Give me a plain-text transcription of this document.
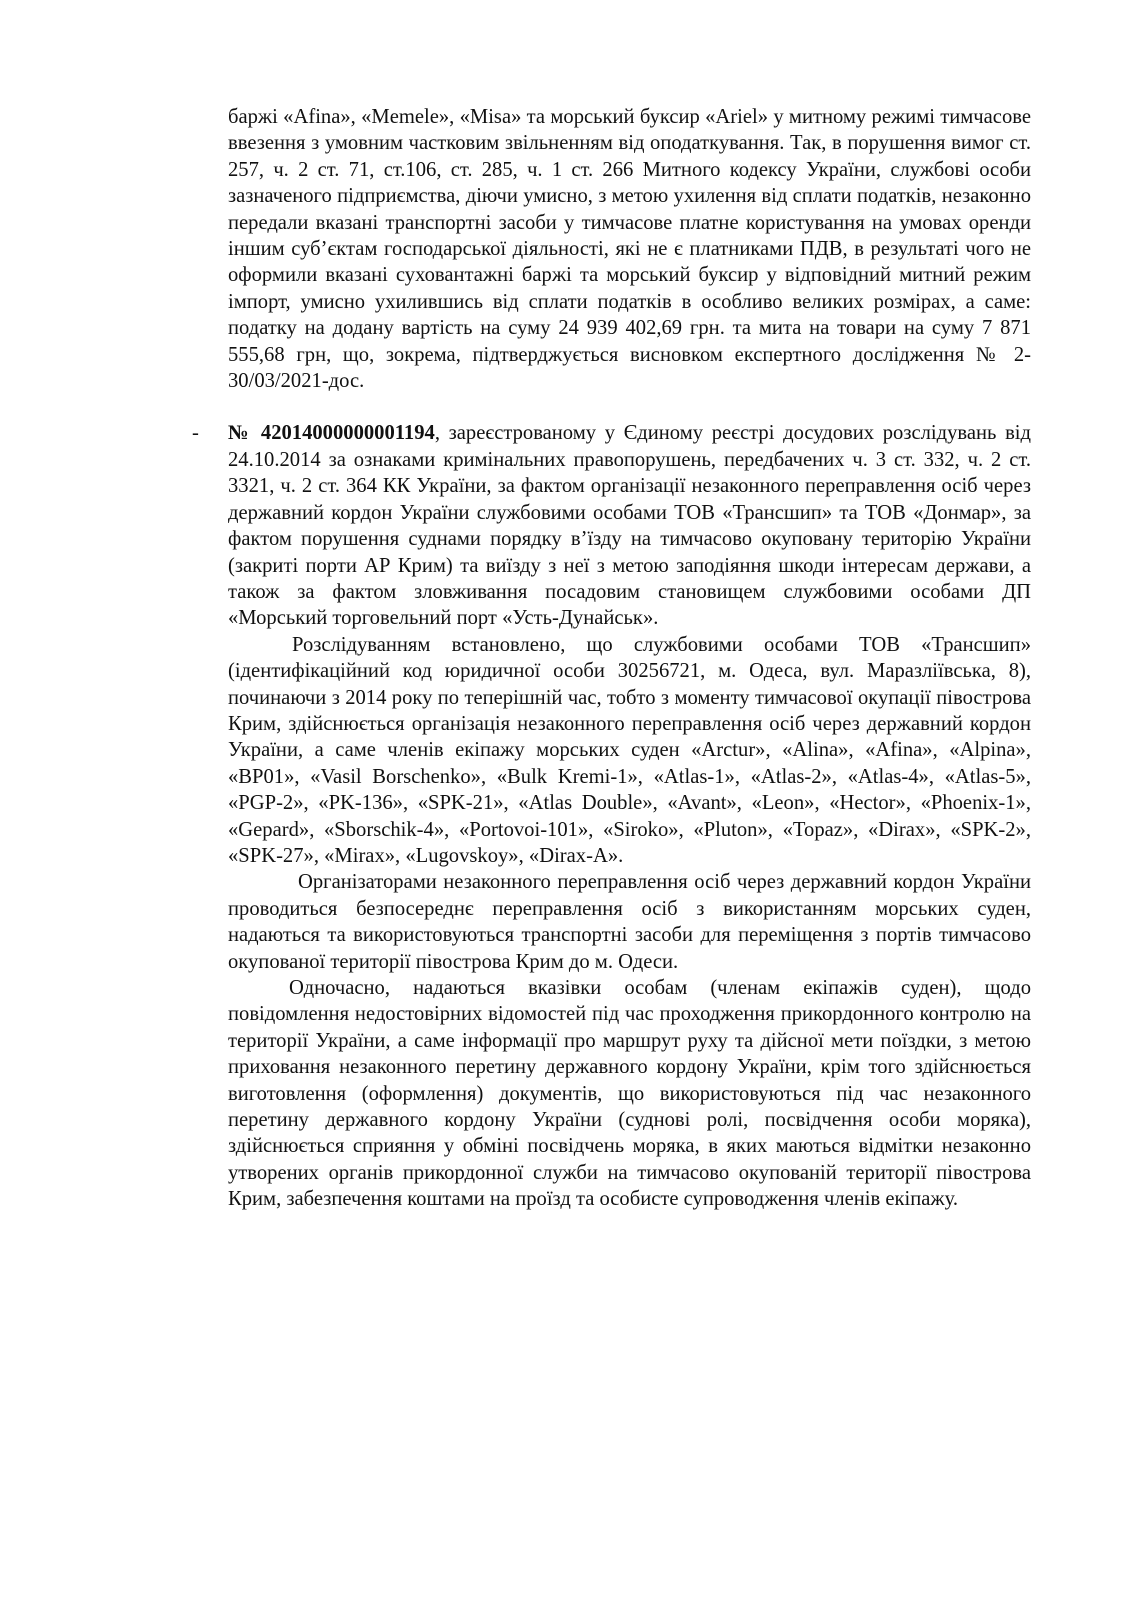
баржі «Afina», «Memele», «Misa» та морський буксир «Ariel» у митному режимі тимчасове ввезення з умовним частковим звільненням від оподаткування. Так, в порушення вимог ст. 257, ч. 2 ст. 71, ст.106, ст. 285, ч. 1 ст. 266 Митного кодексу України, службові особи зазначеного підприємства, діючи умисно, з метою ухилення від сплати податків, незаконно передали вказані транспортні засоби у тимчасове платне користування на умовах оренди іншим суб’єктам господарської діяльності, які не є платниками ПДВ, в результаті чого не оформили вказані суховантажні баржі та морський буксир у відповідний митний режим імпорт, умисно ухилившись від сплати податків в особливо великих розмірах, а саме: податку на додану вартість на суму 24 939 402,69 грн. та мита на товари на суму 7 871 555,68 грн, що, зокрема, підтверджується висновком експертного дослідження № 2-30/03/2021-дос.

- № 42014000000001194, зареєстрованому у Єдиному реєстрі досудових розслідувань від 24.10.2014 за ознаками кримінальних правопорушень, передбачених ч. 3 ст. 332, ч. 2 ст. 3321, ч. 2 ст. 364 КК України, за фактом організації незаконного переправлення осіб через державний кордон України службовими особами ТОВ «Трансшип» та ТОВ «Донмар», за фактом порушення суднами порядку в’їзду на тимчасово окуповану територію України (закриті порти АР Крим) та виїзду з неї з метою заподіяння шкоди інтересам держави, а також за фактом зловживання посадовим становищем службовими особами ДП «Морський торговельний порт «Усть-Дунайськ».

Розслідуванням встановлено, що службовими особами ТОВ «Трансшип» (ідентифікаційний код юридичної особи 30256721, м. Одеса, вул. Маразліївська, 8), починаючи з 2014 року по теперішній час, тобто з моменту тимчасової окупації півострова Крим, здійснюється організація незаконного переправлення осіб через державний кордон України, а саме членів екіпажу морських суден «Arctur», «Alina», «Afina», «Alpina», «BP01», «Vasil Borschenko», «Bulk Kremi-1», «Atlas-1», «Atlas-2», «Atlas-4», «Atlas-5», «PGP-2», «PK-136», «SPK-21», «Atlas Double», «Avant», «Leon», «Hector», «Phoenix-1», «Gepard», «Sborschik-4», «Portovoi-101», «Siroko», «Pluton», «Topaz», «Dirax», «SPK-2», «SPK-27», «Mirax», «Lugovskoy», «Dirax-A».

Організаторами незаконного переправлення осіб через державний кордон України проводиться безпосереднє переправлення осіб з використанням морських суден, надаються та використовуються транспортні засоби для переміщення з портів тимчасово окупованої території півострова Крим до м. Одеси.

Одночасно, надаються вказівки особам (членам екіпажів суден), щодо повідомлення недостовірних відомостей під час проходження прикордонного контролю на території України, а саме інформації про маршрут руху та дійсної мети поїздки, з метою приховання незаконного перетину державного кордону України, крім того здійснюється виготовлення (оформлення) документів, що використовуються під час незаконного перетину державного кордону України (суднові ролі, посвідчення особи моряка), здійснюється сприяння у обміні посвідчень моряка, в яких маються відмітки незаконно утворених органів прикордонної служби на тимчасово окупованій території півострова Крим, забезпечення коштами на проїзд та особисте супроводження членів екіпажу.
